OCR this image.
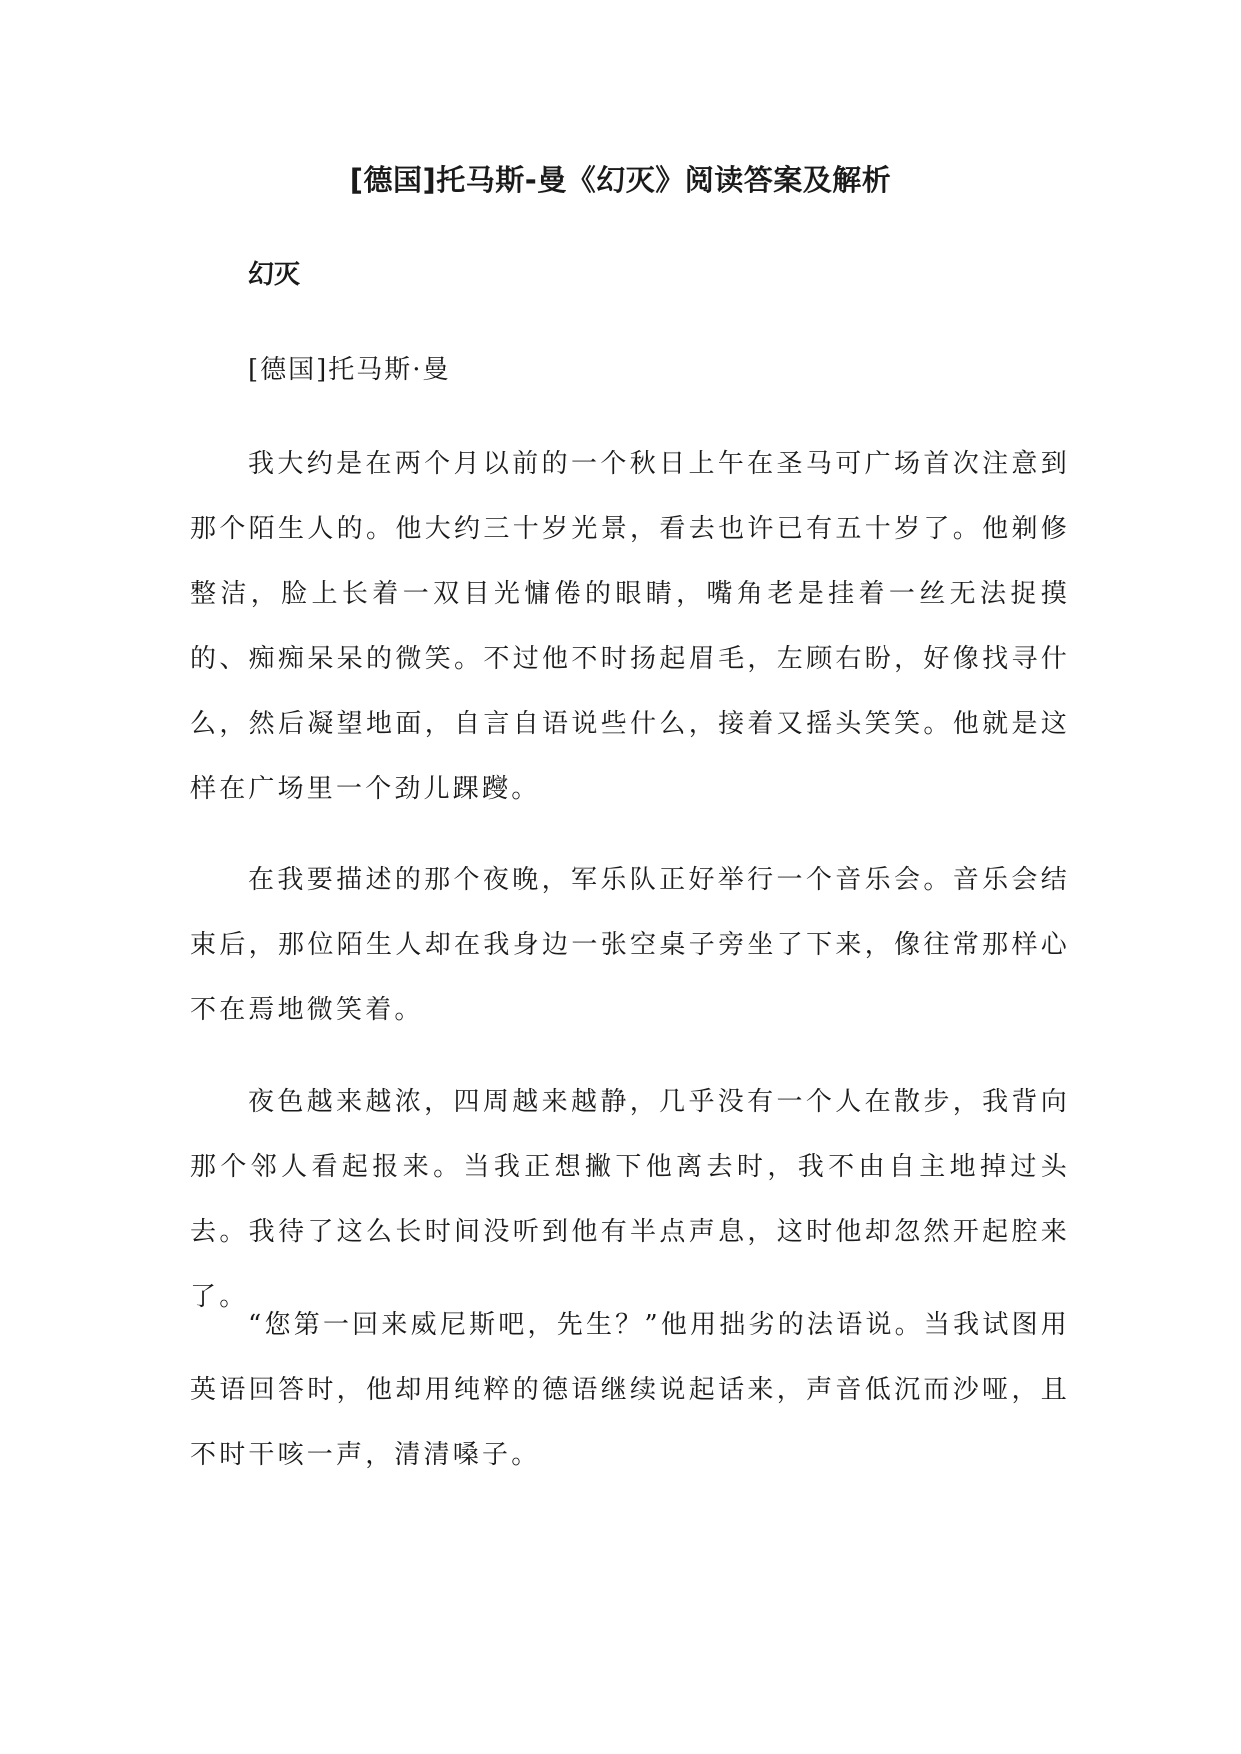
[德国]托马斯-曼《幻灭》阅读答案及解析
幻灭

[德国]托马斯·曼

我大约是在两个月以前的一个秋日上午在圣马可广场首次注意到那个陌生人的。他大约三十岁光景，看去也许已有五十岁了。他剃修整洁，脸上长着一双目光慵倦的眼睛，嘴角老是挂着一丝无法捉摸的、痴痴呆呆的微笑。不过他不时扬起眉毛，左顾右盼，好像找寻什么，然后凝望地面，自言自语说些什么，接着又摇头笑笑。他就是这样在广场里一个劲儿踝躞。

在我要描述的那个夜晚，军乐队正好举行一个音乐会。音乐会结束后，那位陌生人却在我身边一张空桌子旁坐了下来，像往常那样心不在焉地微笑着。

夜色越来越浓，四周越来越静，几乎没有一个人在散步，我背向那个邻人看起报来。当我正想撇下他离去时，我不由自主地掉过头去。我待了这么长时间没听到他有半点声息，这时他却忽然开起腔来了。

“您第一回来威尼斯吧，先生？”他用拙劣的法语说。当我试图用英语回答时，他却用纯粹的德语继续说起话来，声音低沉而沙哑，且不时干咳一声，清清嗓子。
